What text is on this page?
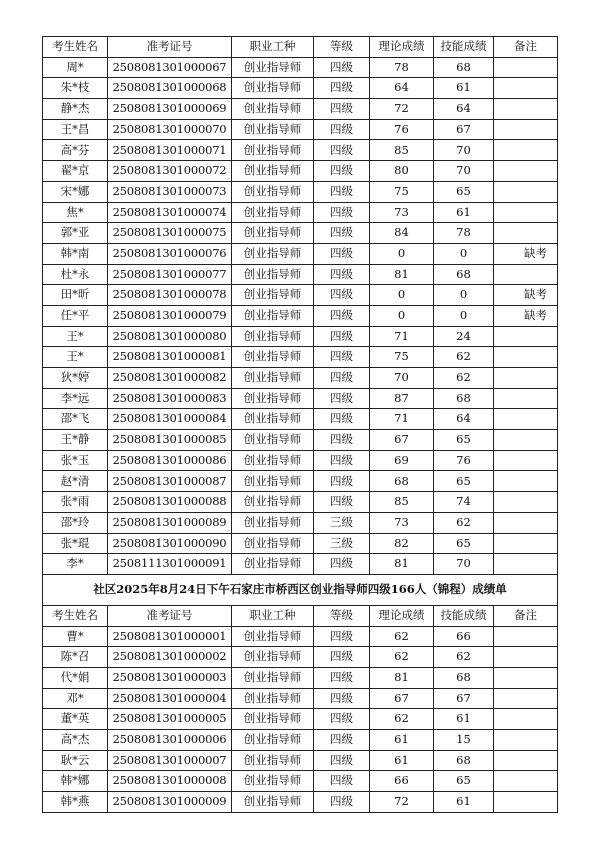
考生姓名	准考证号	职业工种	等级	理论成绩	技能成绩	备注
周*	2508081301000067	创业指导师	四级	78	68	
朱*枝	2508081301000068	创业指导师	四级	64	61	
静*杰	2508081301000069	创业指导师	四级	72	64	
王*昌	2508081301000070	创业指导师	四级	76	67	
高*芬	2508081301000071	创业指导师	四级	85	70	
翟*京	2508081301000072	创业指导师	四级	80	70	
宋*娜	2508081301000073	创业指导师	四级	75	65	
焦*	2508081301000074	创业指导师	四级	73	61	
郭*亚	2508081301000075	创业指导师	四级	84	78	
韩*南	2508081301000076	创业指导师	四级	0	0	缺考
杜*永	2508081301000077	创业指导师	四级	81	68	
田*昕	2508081301000078	创业指导师	四级	0	0	缺考
任*平	2508081301000079	创业指导师	四级	0	0	缺考
王*	2508081301000080	创业指导师	四级	71	24	
王*	2508081301000081	创业指导师	四级	75	62	
狄*婷	2508081301000082	创业指导师	四级	70	62	
李*远	2508081301000083	创业指导师	四级	87	68	
邵*飞	2508081301000084	创业指导师	四级	71	64	
王*静	2508081301000085	创业指导师	四级	67	65	
张*玉	2508081301000086	创业指导师	四级	69	76	
赵*清	2508081301000087	创业指导师	四级	68	65	
张*雨	2508081301000088	创业指导师	四级	85	74	
邵*玲	2508081301000089	创业指导师	三级	73	62	
张*琨	2508081301000090	创业指导师	三级	82	65	
李*	2508111301000091	创业指导师	四级	81	70	
社区2025年8月24日下午石家庄市桥西区创业指导师四级166人（锦程）成绩单						
考生姓名	准考证号	职业工种	等级	理论成绩	技能成绩	备注
曹*	2508081301000001	创业指导师	四级	62	66	
陈*召	2508081301000002	创业指导师	四级	62	62	
代*娟	2508081301000003	创业指导师	四级	81	68	
邓*	2508081301000004	创业指导师	四级	67	67	
董*英	2508081301000005	创业指导师	四级	62	61	
高*杰	2508081301000006	创业指导师	四级	61	15	
耿*云	2508081301000007	创业指导师	四级	61	68	
韩*娜	2508081301000008	创业指导师	四级	66	65	
韩*燕	2508081301000009	创业指导师	四级	72	61	
